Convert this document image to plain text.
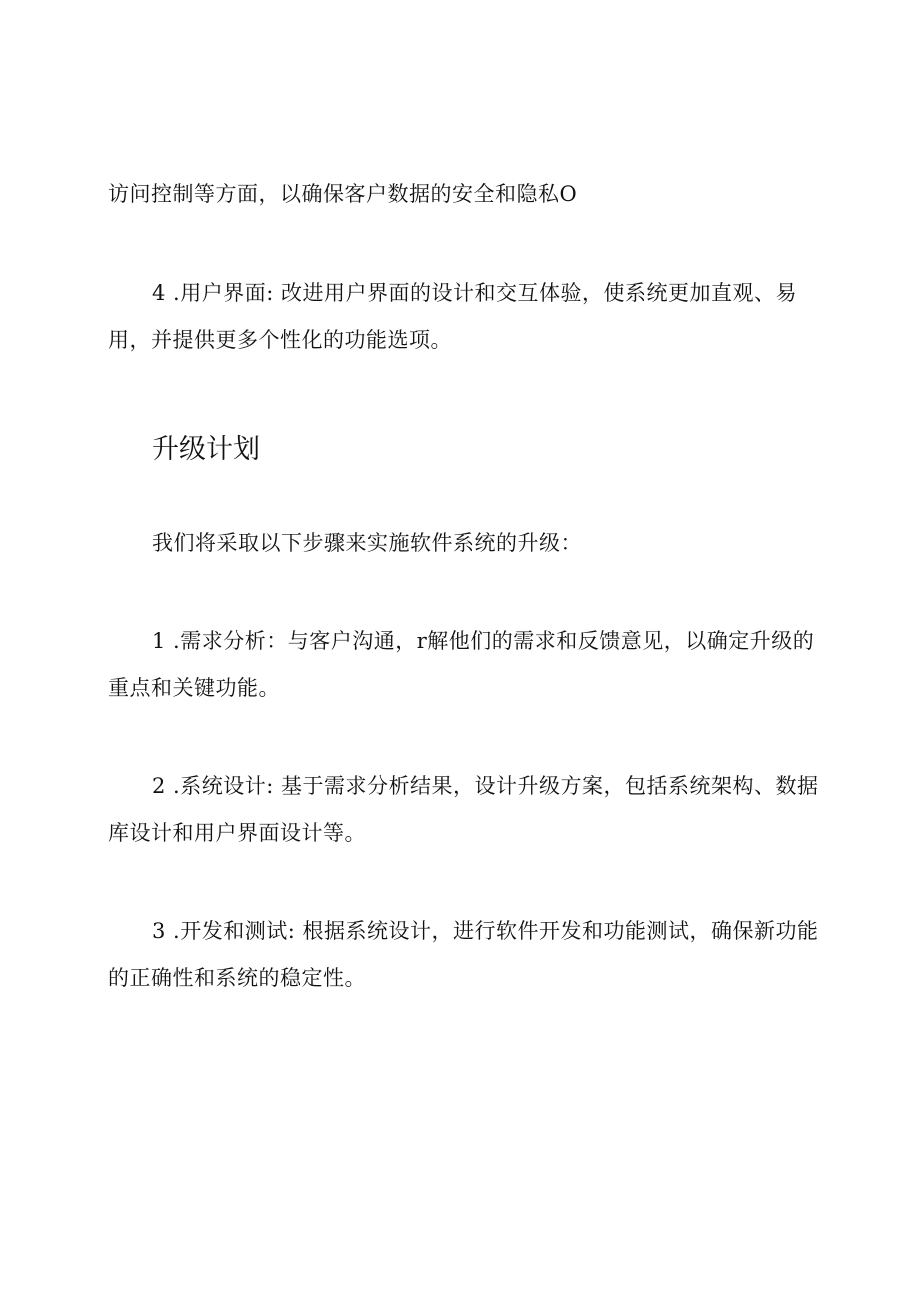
访问控制等方面，以确保客户数据的安全和隐私O

4 .用户界面: 改进用户界面的设计和交互体验，使系统更加直观、易用，并提供更多个性化的功能选项。

升级计划

我们将采取以下步骤来实施软件系统的升级：

1 .需求分析：与客户沟通，r解他们的需求和反馈意见，以确定升级的重点和关键功能。

2 .系统设计: 基于需求分析结果，设计升级方案，包括系统架构、数据库设计和用户界面设计等。

3 .开发和测试: 根据系统设计，进行软件开发和功能测试，确保新功能的正确性和系统的稳定性。
